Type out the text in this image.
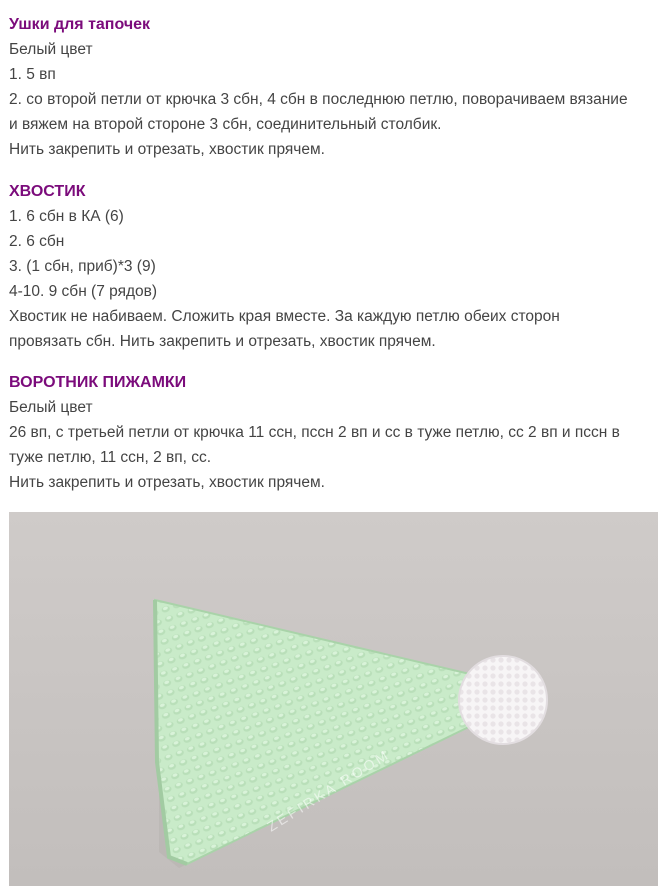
Ушки для тапочек

Белый цвет

1. 5 вп

2. со второй петли от крючка 3 сбн, 4 сбн в последнюю петлю, поворачиваем вязание

и вяжем на второй стороне 3 сбн, соединительный столбик.

Нить закрепить и отрезать, хвостик прячем.

ХВОСТИК

1. 6 сбн в КА (6)

2. 6 сбн

3. (1 сбн, приб)*3 (9)

4-10. 9 сбн (7 рядов)

Хвостик не набиваем. Сложить края вместе. За каждую петлю обеих сторон

провязать сбн. Нить закрепить и отрезать, хвостик прячем.

ВОРОТНИК ПИЖАМКИ

Белый цвет

26 вп, с третьей петли от крючка 11 ссн, пссн 2 вп и сс в туже петлю, сс 2 вп и пссн в

туже петлю, 11 ссн, 2 вп, сс.

Нить закрепить и отрезать, хвостик прячем.

ZEFIRKA ROOM
